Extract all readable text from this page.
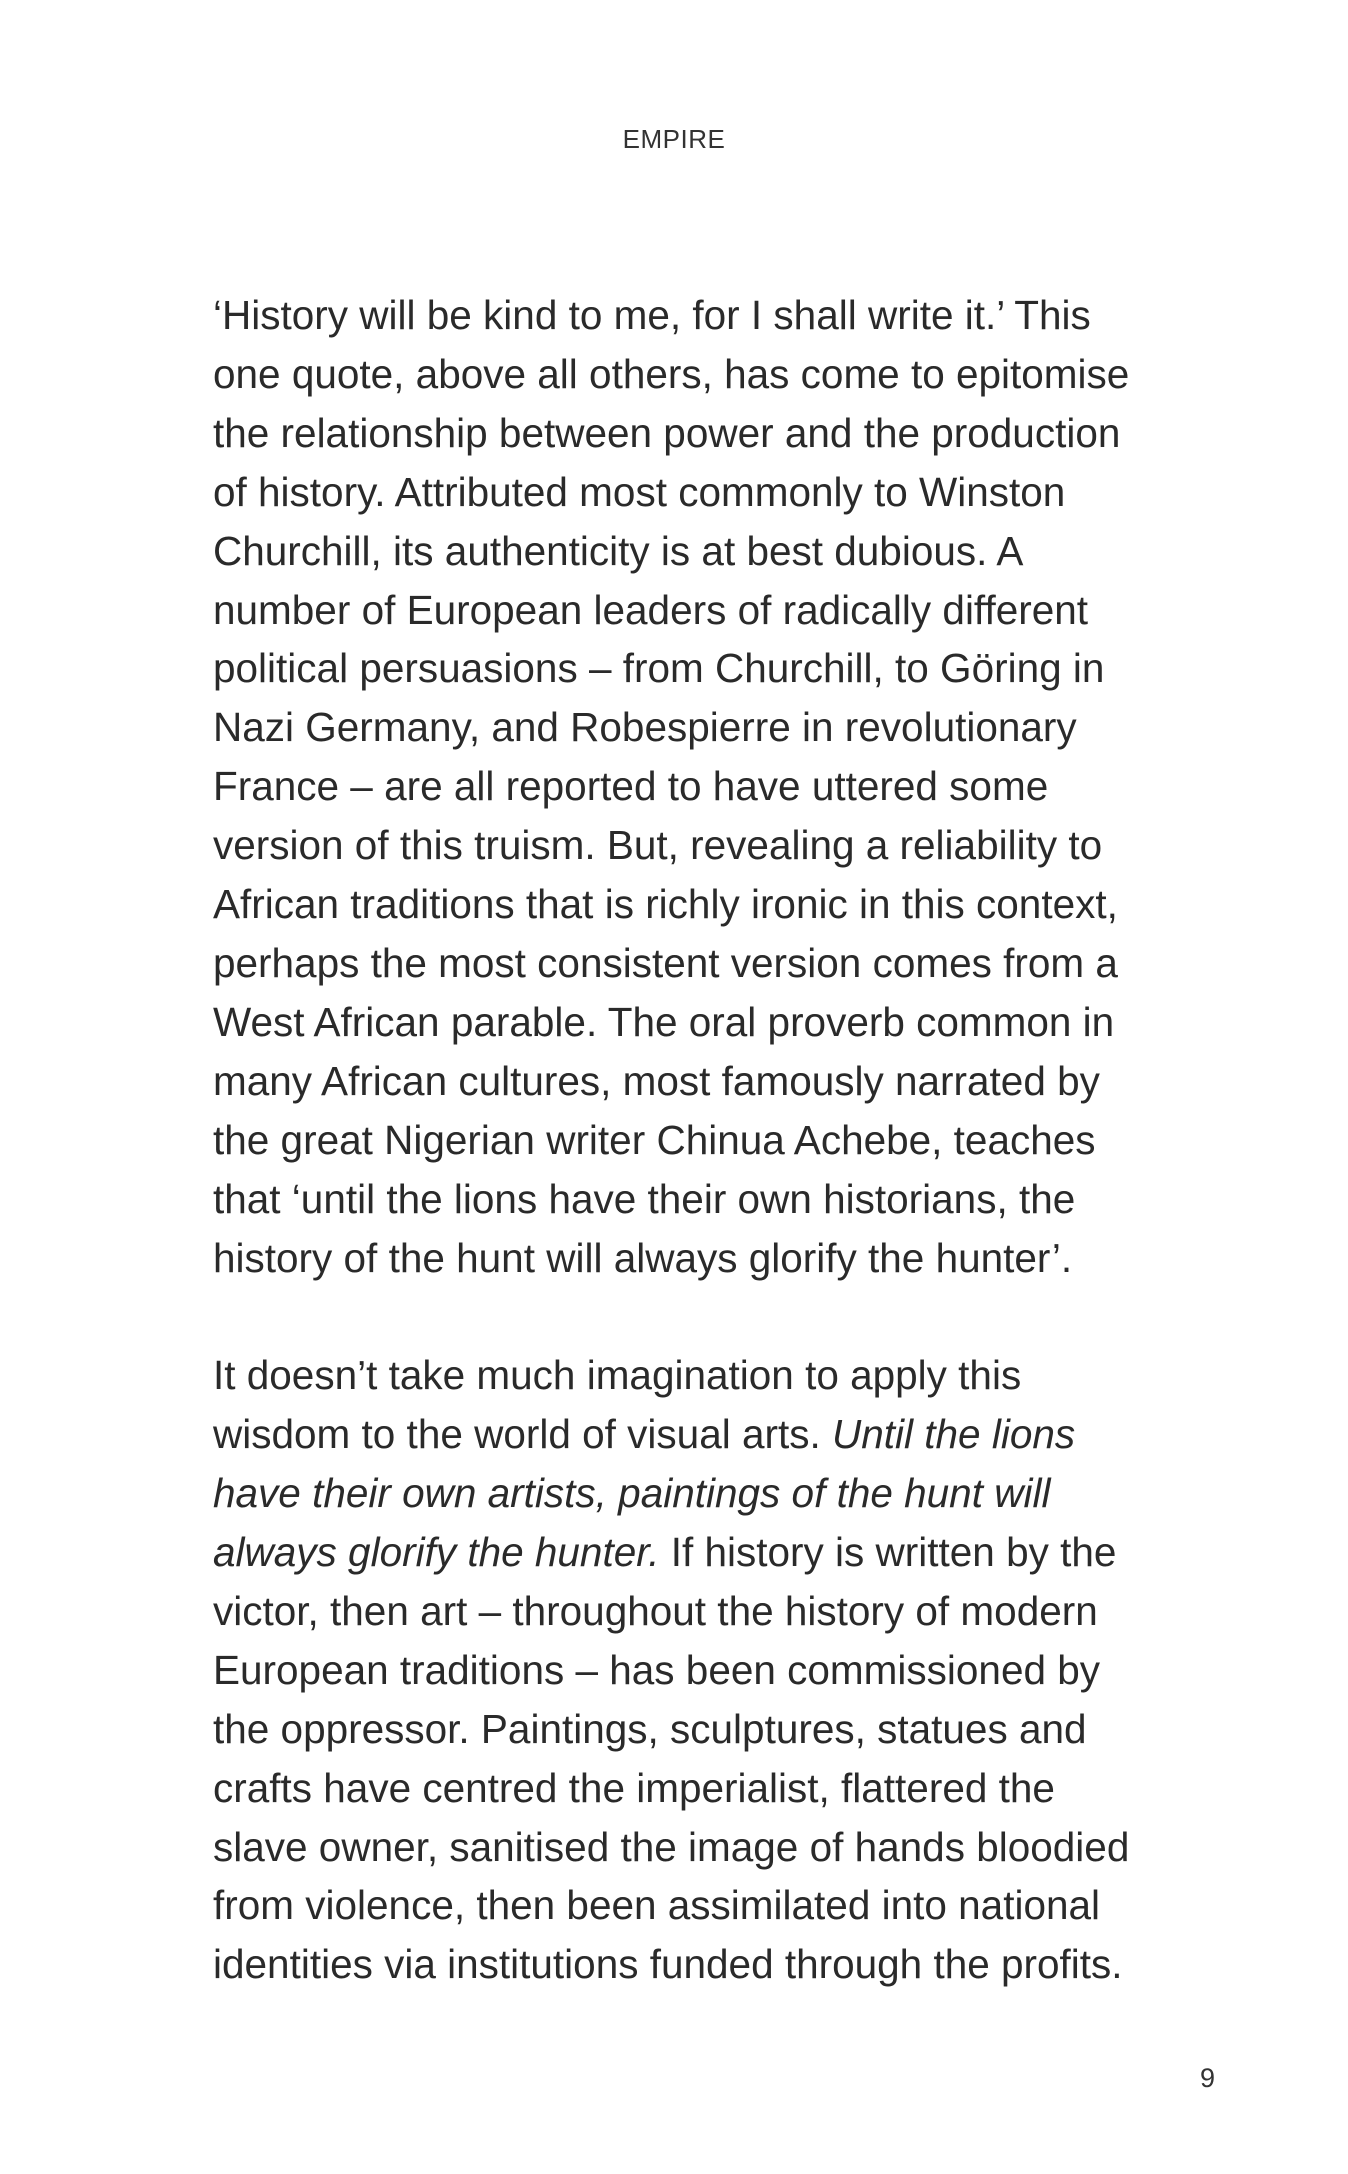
EMPIRE

‘History will be kind to me, for I shall write it.’ This
one quote, above all others, has come to epitomise
the relationship between power and the production
of history. Attributed most commonly to Winston
Churchill, its authenticity is at best dubious. A
number of European leaders of radically different
political persuasions – from Churchill, to Göring in
Nazi Germany, and Robespierre in revolutionary
France – are all reported to have uttered some
version of this truism. But, revealing a reliability to
African traditions that is richly ironic in this context,
perhaps the most consistent version comes from a
West African parable. The oral proverb common in
many African cultures, most famously narrated by
the great Nigerian writer Chinua Achebe, teaches
that ‘until the lions have their own historians, the
history of the hunt will always glorify the hunter’.

It doesn’t take much imagination to apply this
wisdom to the world of visual arts. Until the lions
have their own artists, paintings of the hunt will
always glorify the hunter. If history is written by the
victor, then art – throughout the history of modern
European traditions – has been commissioned by
the oppressor. Paintings, sculptures, statues and
crafts have centred the imperialist, flattered the
slave owner, sanitised the image of hands bloodied
from violence, then been assimilated into national
identities via institutions funded through the profits.

9
